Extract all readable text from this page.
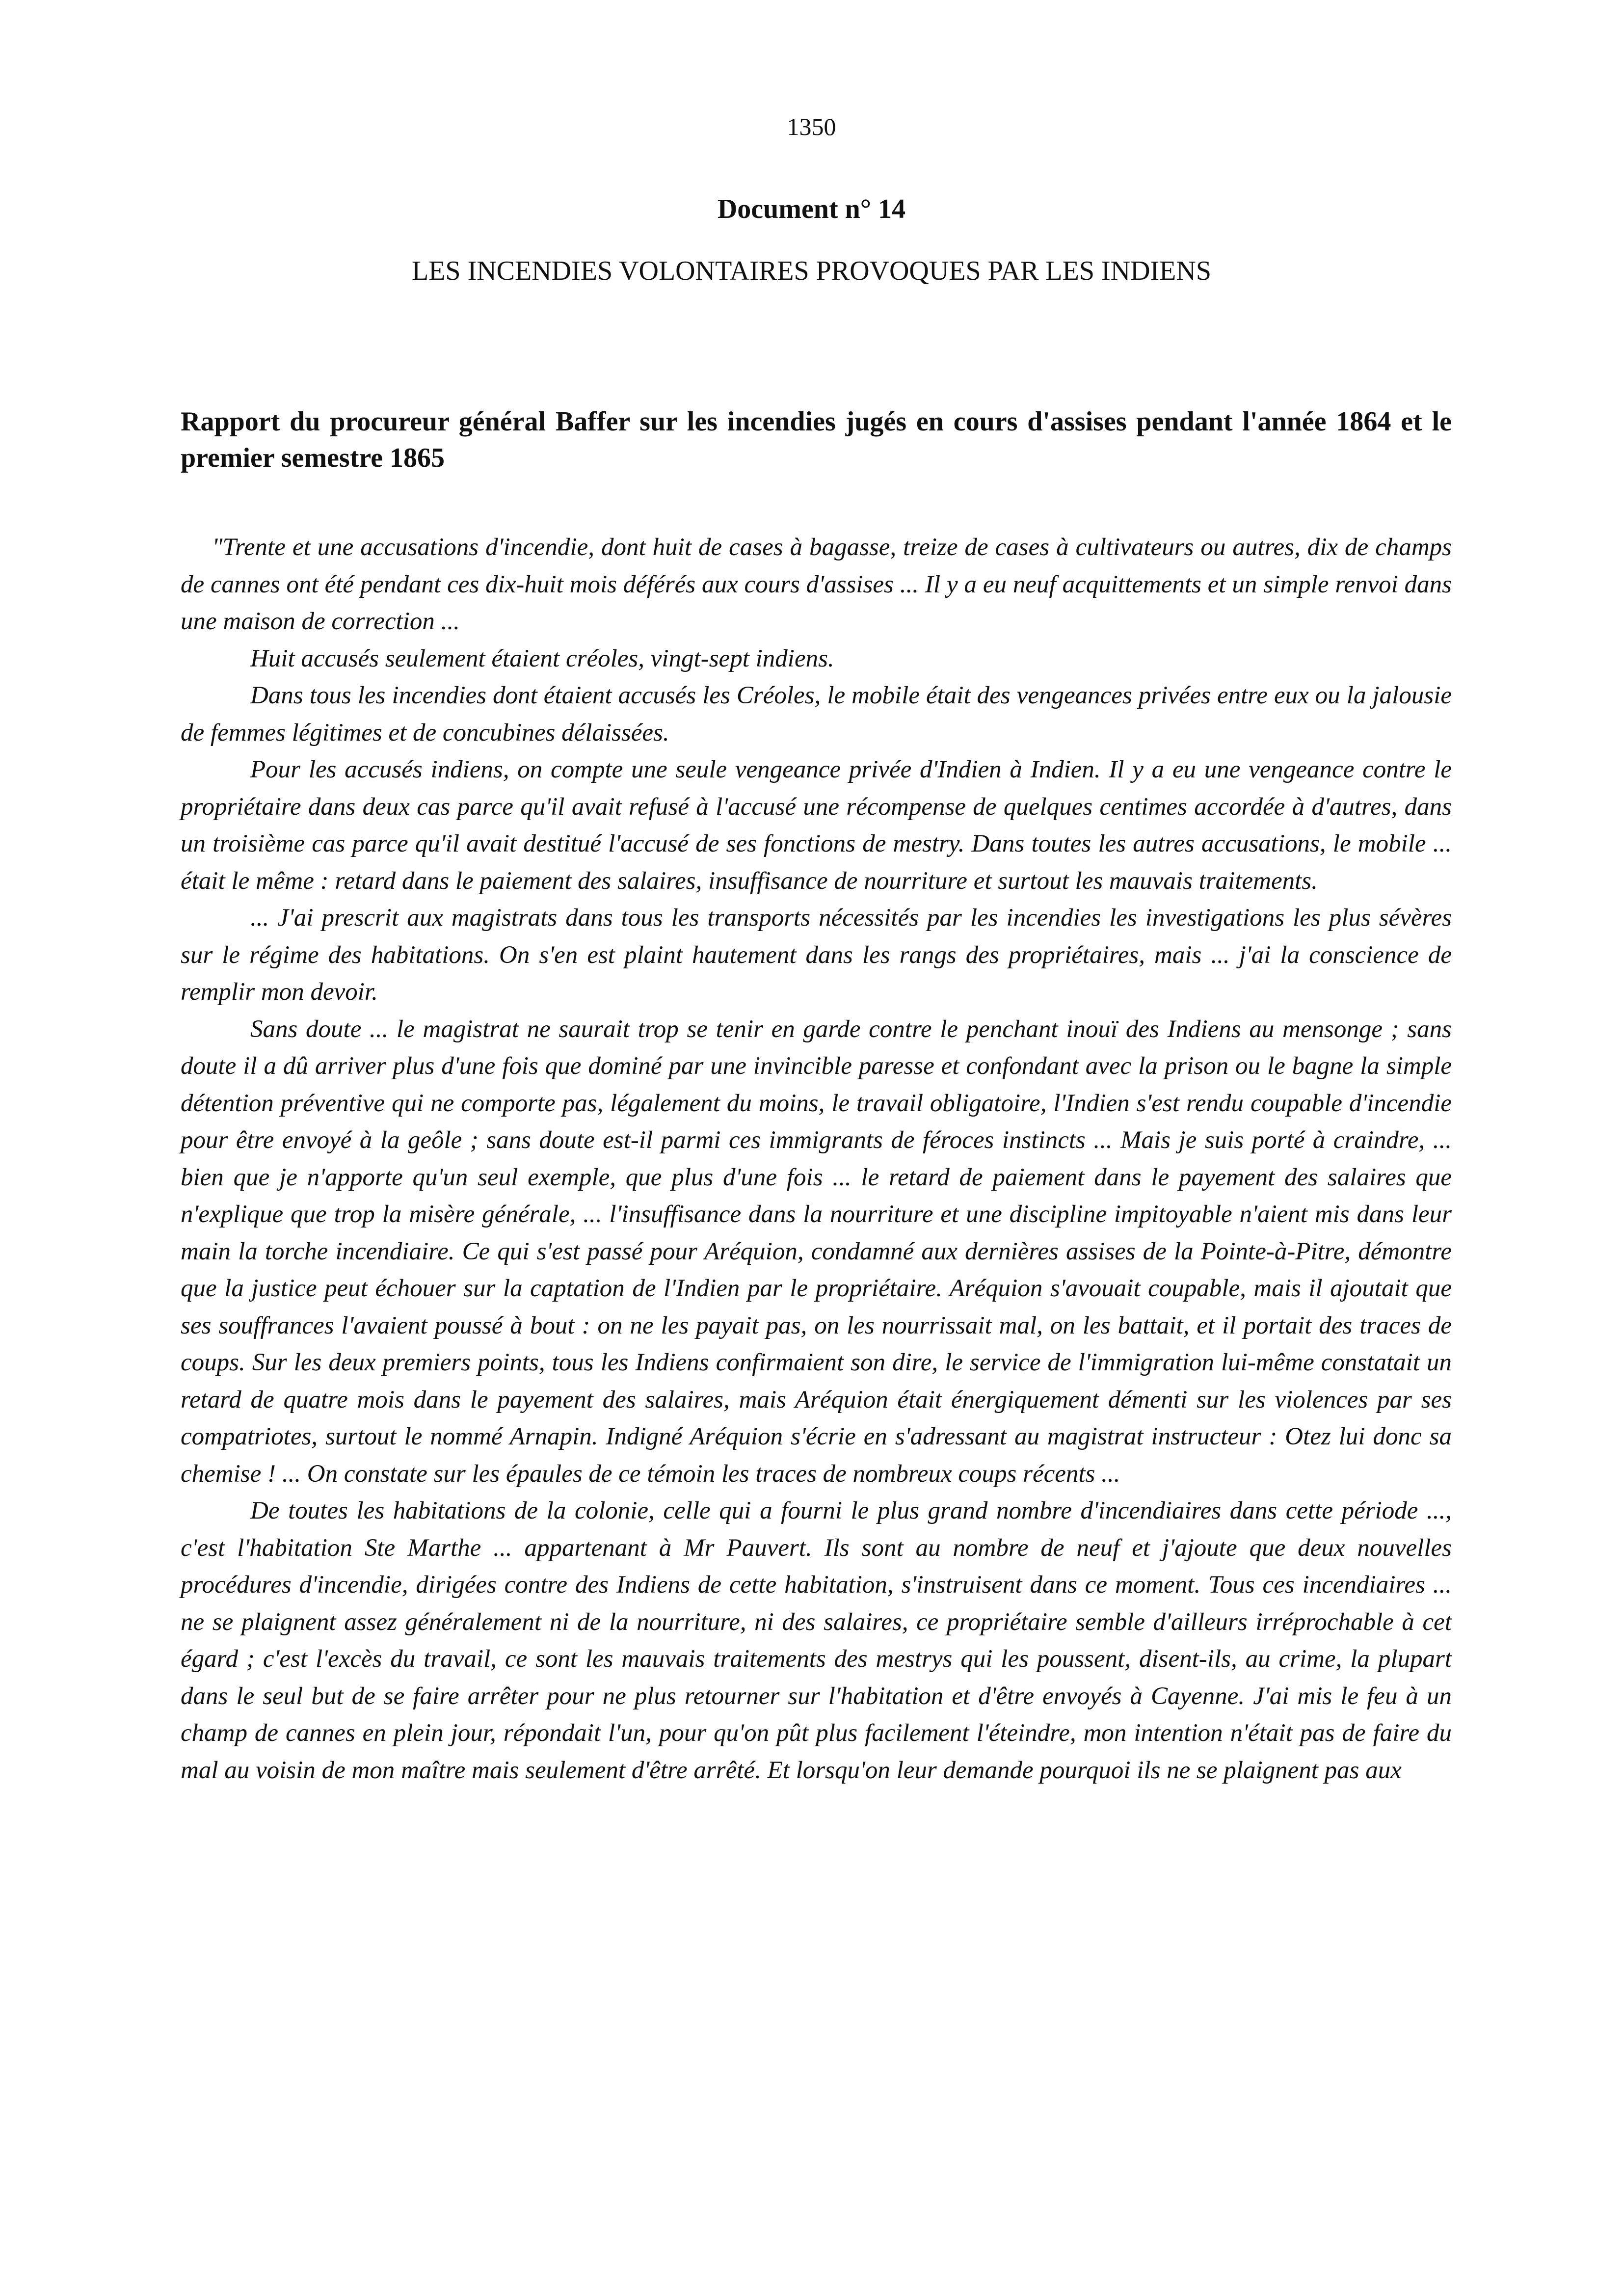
1350
Document n° 14
LES INCENDIES VOLONTAIRES PROVOQUES PAR LES INDIENS
Rapport du procureur général Baffer sur les incendies jugés en cours d'assises pendant l'année 1864 et le premier semestre 1865

"Trente et une accusations d'incendie, dont huit de cases à bagasse, treize de cases à cultivateurs ou autres, dix de champs de cannes ont été pendant ces dix-huit mois déférés aux cours d'assises ... Il y a eu neuf acquittements et un simple renvoi dans une maison de correction ...

Huit accusés seulement étaient créoles, vingt-sept indiens.

Dans tous les incendies dont étaient accusés les Créoles, le mobile était des vengeances privées entre eux ou la jalousie de femmes légitimes et de concubines délaissées.

Pour les accusés indiens, on compte une seule vengeance privée d'Indien à Indien. Il y a eu une vengeance contre le propriétaire dans deux cas parce qu'il avait refusé à l'accusé une récompense de quelques centimes accordée à d'autres, dans un troisième cas parce qu'il avait destitué l'accusé de ses fonctions de mestry. Dans toutes les autres accusations, le mobile ... était le même : retard dans le paiement des salaires, insuffisance de nourriture et surtout les mauvais traitements.

... J'ai prescrit aux magistrats dans tous les transports nécessités par les incendies les investigations les plus sévères sur le régime des habitations. On s'en est plaint hautement dans les rangs des propriétaires, mais ... j'ai la conscience de remplir mon devoir.

Sans doute ... le magistrat ne saurait trop se tenir en garde contre le penchant inouï des Indiens au mensonge ; sans doute il a dû arriver plus d'une fois que dominé par une invincible paresse et confondant avec la prison ou le bagne la simple détention préventive qui ne comporte pas, légalement du moins, le travail obligatoire, l'Indien s'est rendu coupable d'incendie pour être envoyé à la geôle ; sans doute est-il parmi ces immigrants de féroces instincts ... Mais je suis porté à craindre, ... bien que je n'apporte qu'un seul exemple, que plus d'une fois ... le retard de paiement dans le payement des salaires que n'explique que trop la misère générale, ... l'insuffisance dans la nourriture et une discipline impitoyable n'aient mis dans leur main la torche incendiaire. Ce qui s'est passé pour Aréquion, condamné aux dernières assises de la Pointe-à-Pitre, démontre que la justice peut échouer sur la captation de l'Indien par le propriétaire. Aréquion s'avouait coupable, mais il ajoutait que ses souffrances l'avaient poussé à bout : on ne les payait pas, on les nourrissait mal, on les battait, et il portait des traces de coups. Sur les deux premiers points, tous les Indiens confirmaient son dire, le service de l'immigration lui-même constatait un retard de quatre mois dans le payement des salaires, mais Aréquion était énergiquement démenti sur les violences par ses compatriotes, surtout le nommé Arnapin. Indigné Aréquion s'écrie en s'adressant au magistrat instructeur : Otez lui donc sa chemise ! ... On constate sur les épaules de ce témoin les traces de nombreux coups récents ...

De toutes les habitations de la colonie, celle qui a fourni le plus grand nombre d'incendiaires dans cette période ..., c'est l'habitation Ste Marthe ... appartenant à Mr Pauvert. Ils sont au nombre de neuf et j'ajoute que deux nouvelles procédures d'incendie, dirigées contre des Indiens de cette habitation, s'instruisent dans ce moment. Tous ces incendiaires ... ne se plaignent assez généralement ni de la nourriture, ni des salaires, ce propriétaire semble d'ailleurs irréprochable à cet égard ; c'est l'excès du travail, ce sont les mauvais traitements des mestrys qui les poussent, disent-ils, au crime, la plupart dans le seul but de se faire arrêter pour ne plus retourner sur l'habitation et d'être envoyés à Cayenne. J'ai mis le feu à un champ de cannes en plein jour, répondait l'un, pour qu'on pût plus facilement l'éteindre, mon intention n'était pas de faire du mal au voisin de mon maître mais seulement d'être arrêté. Et lorsqu'on leur demande pourquoi ils ne se plaignent pas aux
